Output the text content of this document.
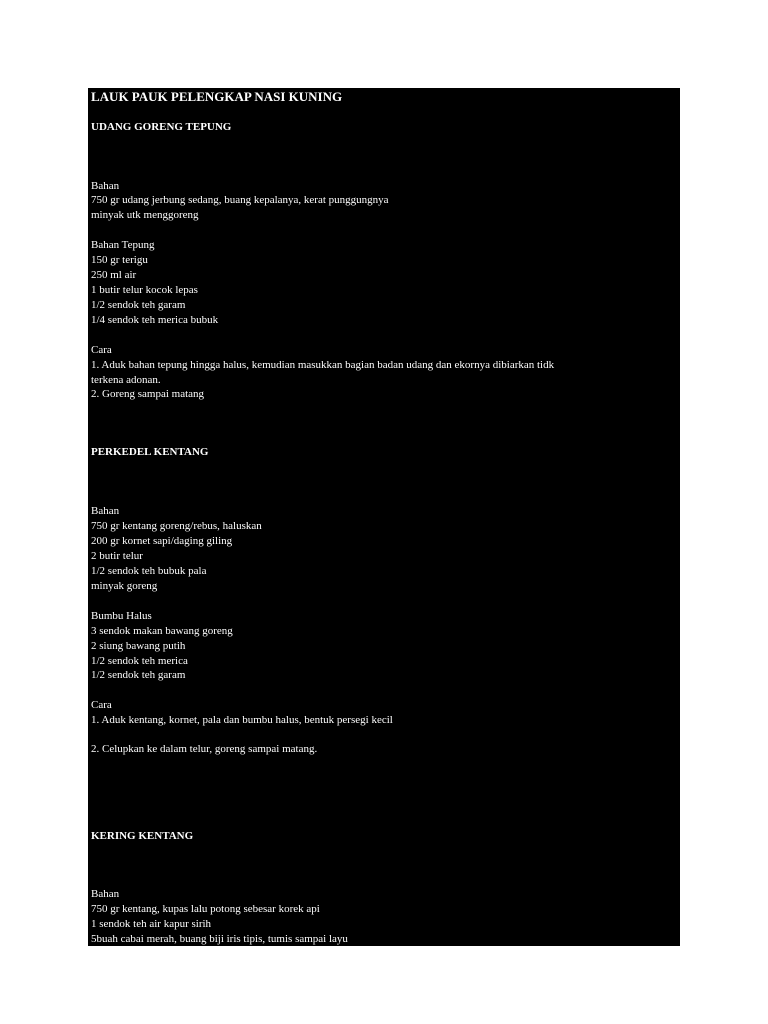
LAUK PAUK PELENGKAP NASI KUNING
UDANG GORENG TEPUNG
Bahan
750 gr udang jerbung sedang, buang kepalanya, kerat punggungnya
minyak utk menggoreng
Bahan Tepung
150 gr terigu
250 ml air
1 butir telur kocok lepas
1/2 sendok teh garam
1/4 sendok teh merica bubuk
Cara
1. Aduk bahan tepung hingga halus, kemudian masukkan bagian badan udang dan ekornya dibiarkan tidk
terkena adonan.
2. Goreng sampai matang
PERKEDEL KENTANG
Bahan
750 gr kentang goreng/rebus, haluskan
200 gr kornet sapi/daging giling
2 butir telur
1/2 sendok teh bubuk pala
minyak goreng
Bumbu Halus
3 sendok makan bawang goreng
2 siung bawang putih
1/2 sendok teh merica
1/2 sendok teh garam
Cara
1. Aduk kentang, kornet, pala dan bumbu halus, bentuk persegi kecil
2. Celupkan ke dalam telur, goreng sampai matang.
KERING KENTANG
Bahan
750 gr kentang, kupas lalu potong sebesar korek api
1 sendok teh air kapur sirih
5buah cabai merah, buang biji iris tipis, tumis sampai layu
